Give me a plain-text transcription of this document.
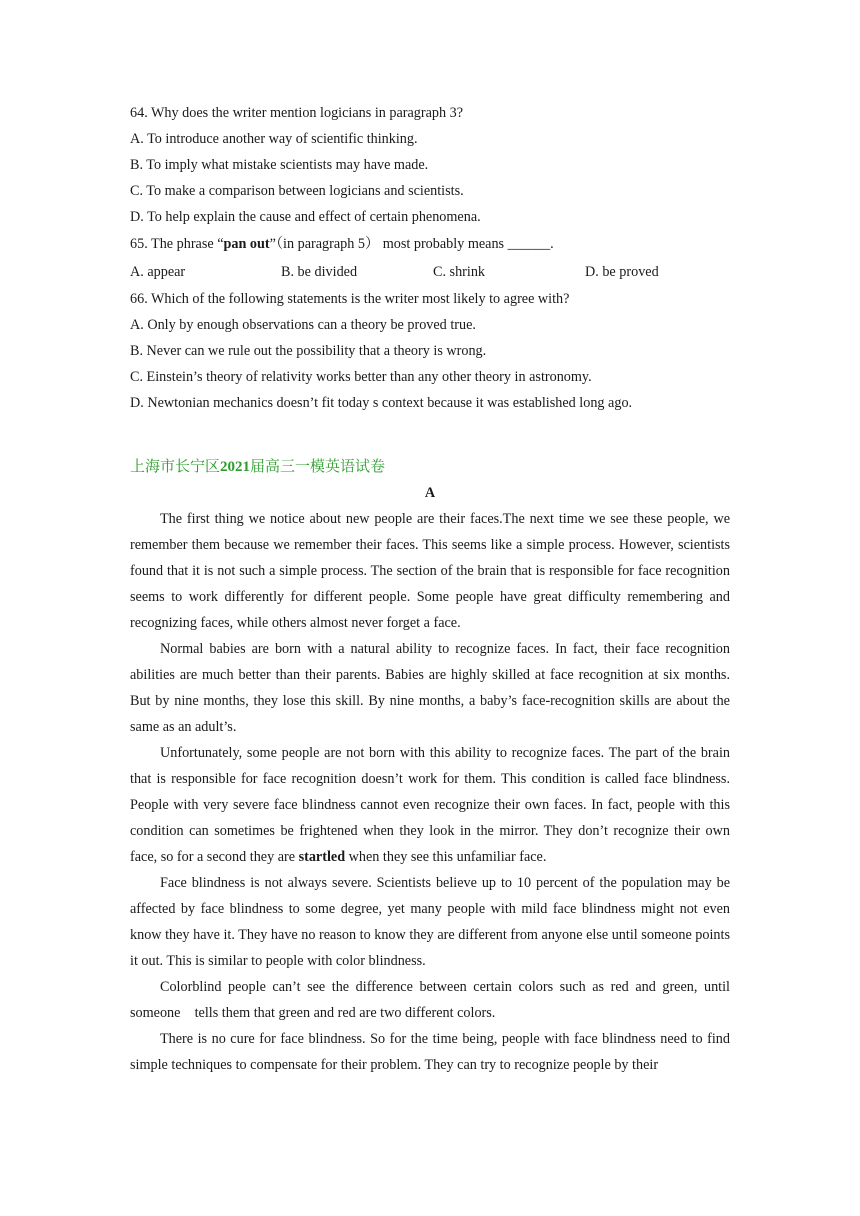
64. Why does the writer mention logicians in paragraph 3?
A. To introduce another way of scientific thinking.
B. To imply what mistake scientists may have made.
C. To make a comparison between logicians and scientists.
D. To help explain the cause and effect of certain phenomena.
65. The phrase “pan out”（in paragraph 5） most probably means ______.
A. appear	B. be divided	C. shrink	D. be proved
66. Which of the following statements is the writer most likely to agree with?
A. Only by enough observations can a theory be proved true.
B. Never can we rule out the possibility that a theory is wrong.
C. Einstein’s theory of relativity works better than any other theory in astronomy.
D. Newtonian mechanics doesn’t fit today s context because it was established long ago.
上海市长宁区2021届高三一模英语试卷
A

The first thing we notice about new people are their faces.The next time we see these people, we remember them because we remember their faces. This seems like a simple process. However, scientists found that it is not such a simple process. The section of the brain that is responsible for face recognition seems to work differently for different people. Some people have great difficulty remembering and recognizing faces, while others almost never forget a face.

Normal babies are born with a natural ability to recognize faces. In fact, their face recognition abilities are much better than their parents. Babies are highly skilled at face recognition at six months. But by nine months, they lose this skill. By nine months, a baby’s face-recognition skills are about the same as an adult’s.

Unfortunately, some people are not born with this ability to recognize faces. The part of the brain that is responsible for face recognition doesn’t work for them. This condition is called face blindness. People with very severe face blindness cannot even recognize their own faces. In fact, people with this condition can sometimes be frightened when they look in the mirror. They don’t recognize their own face, so for a second they are startled when they see this unfamiliar face.

Face blindness is not always severe. Scientists believe up to 10 percent of the population may be affected by face blindness to some degree, yet many people with mild face blindness might not even know they have it. They have no reason to know they are different from anyone else until someone points it out. This is similar to people with color blindness.

Colorblind people can’t see the difference between certain colors such as red and green, until someone　tells them that green and red are two different colors.

There is no cure for face blindness. So for the time being, people with face blindness need to find simple techniques to compensate for their problem. They can try to recognize people by their
